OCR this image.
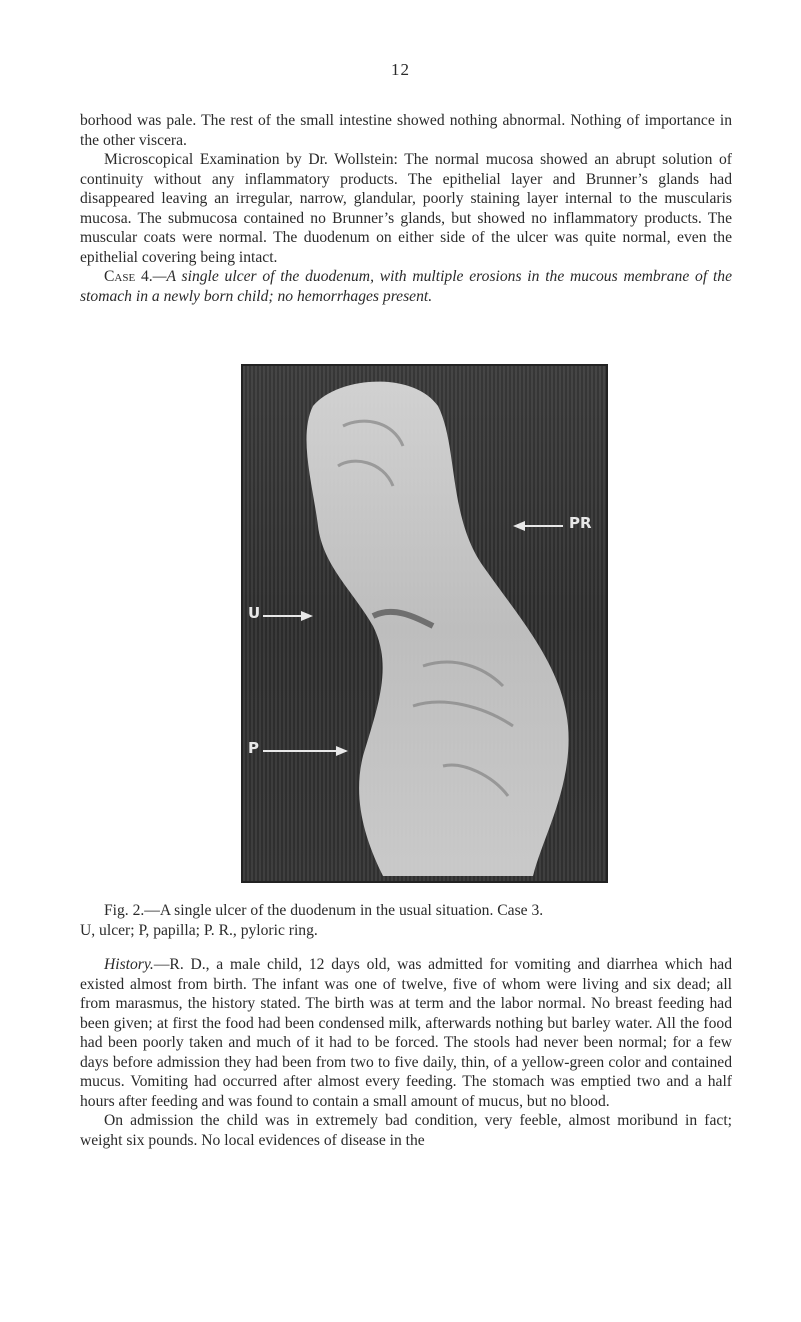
12

borhood was pale. The rest of the small intestine showed nothing abnormal. Nothing of importance in the other viscera.

Microscopical Examination by Dr. Wollstein: The normal mucosa showed an abrupt solution of continuity without any inflammatory products. The epithelial layer and Brunner’s glands had disappeared leaving an irregular, narrow, glandular, poorly staining layer internal to the muscularis mucosa. The submucosa contained no Brunner’s glands, but showed no inflammatory products. The muscular coats were normal. The duodenum on either side of the ulcer was quite normal, even the epithelial covering being intact.

Case 4.—A single ulcer of the duodenum, with multiple erosions in the mucous membrane of the stomach in a newly born child; no hemorrhages present.

PR
U
P

Fig. 2.—A single ulcer of the duodenum in the usual situation. Case 3.

U, ulcer; P, papilla; P. R., pyloric ring.

History.—R. D., a male child, 12 days old, was admitted for vomiting and diarrhea which had existed almost from birth. The infant was one of twelve, five of whom were living and six dead; all from marasmus, the history stated. The birth was at term and the labor normal. No breast feeding had been given; at first the food had been condensed milk, afterwards nothing but barley water. All the food had been poorly taken and much of it had to be forced. The stools had never been normal; for a few days before admission they had been from two to five daily, thin, of a yellow-green color and contained mucus. Vomiting had occurred after almost every feeding. The stomach was emptied two and a half hours after feeding and was found to contain a small amount of mucus, but no blood.

On admission the child was in extremely bad condition, very feeble, almost moribund in fact; weight six pounds. No local evidences of disease in the
